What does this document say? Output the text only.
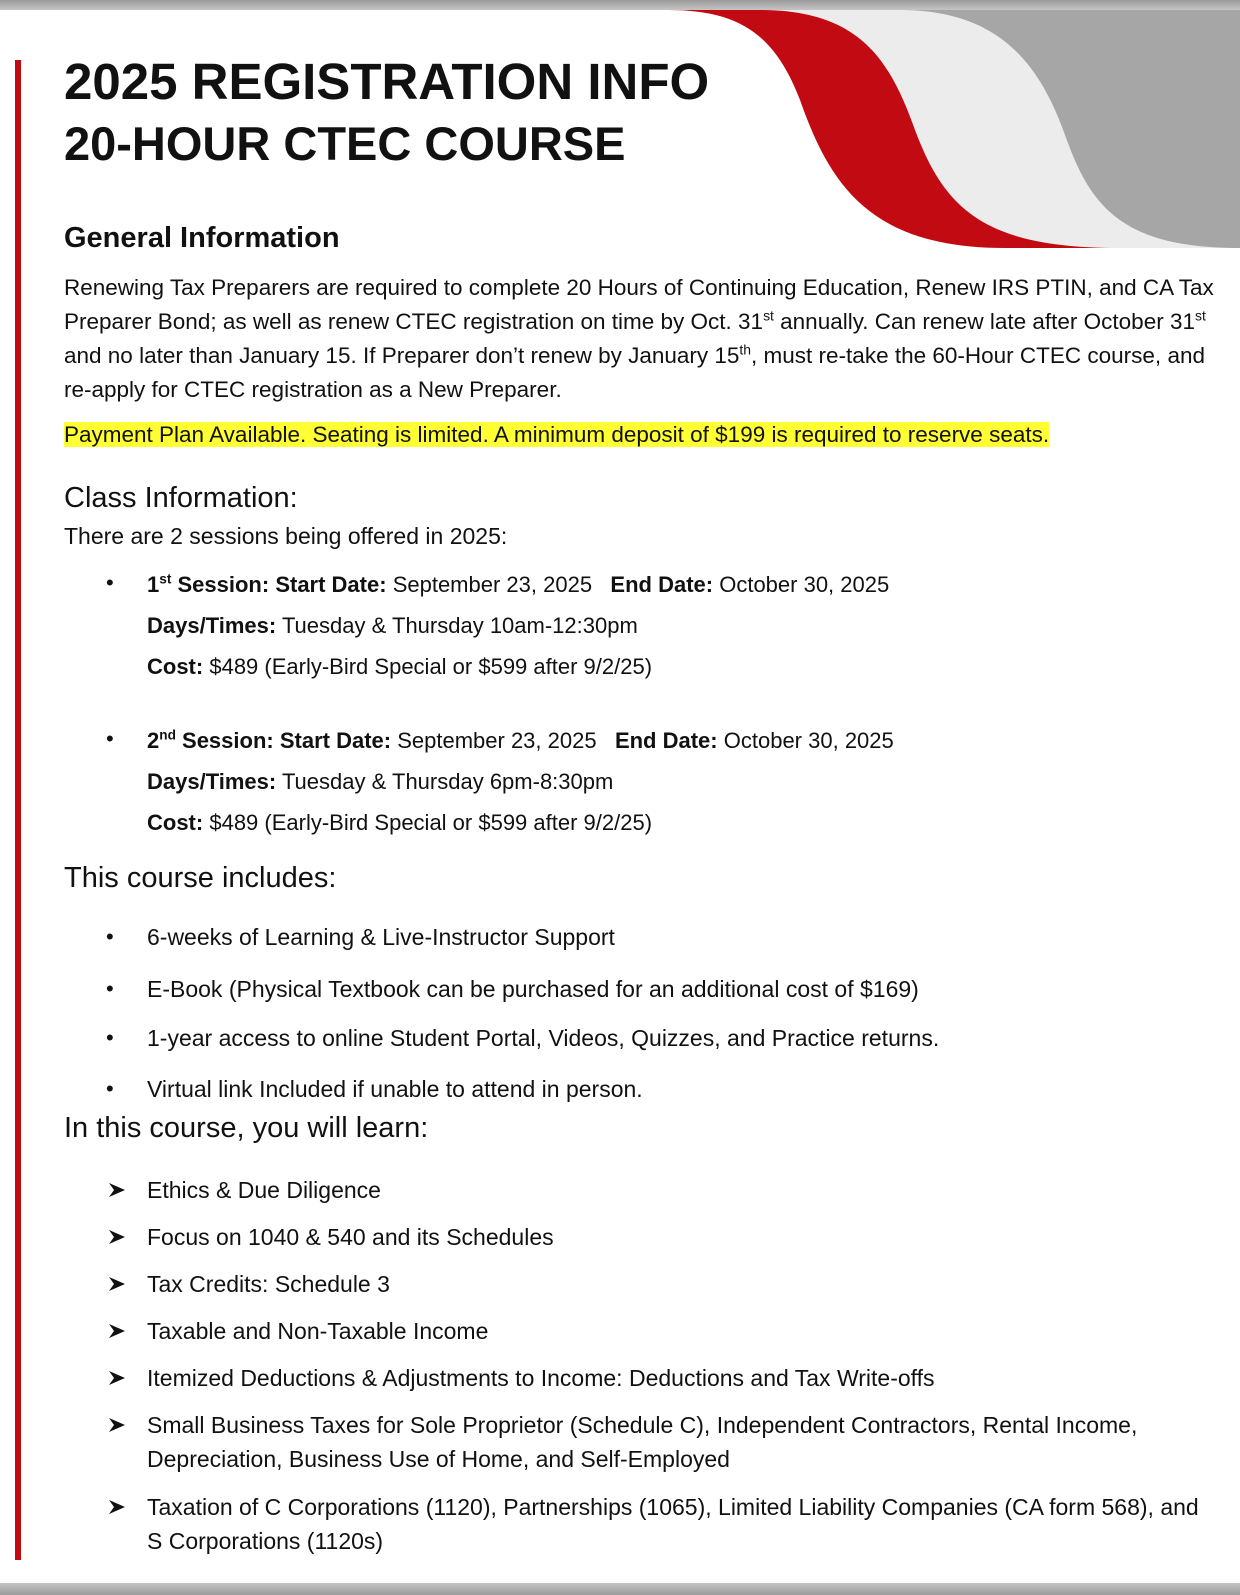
2025 REGISTRATION INFO
20-HOUR CTEC COURSE
General Information
Renewing Tax Preparers are required to complete 20 Hours of Continuing Education, Renew IRS PTIN, and CA Tax Preparer Bond; as well as renew CTEC registration on time by Oct. 31st annually. Can renew late after October 31st and no later than January 15. If Preparer don’t renew by January 15th, must re-take the 60-Hour CTEC course, and re-apply for CTEC registration as a New Preparer.
Payment Plan Available. Seating is limited. A minimum deposit of $199 is required to reserve seats.
Class Information:
There are 2 sessions being offered in 2025:
• 1st Session: Start Date: September 23, 2025 End Date: October 30, 2025
Days/Times: Tuesday & Thursday 10am-12:30pm
Cost: $489 (Early-Bird Special or $599 after 9/2/25)
• 2nd Session: Start Date: September 23, 2025 End Date: October 30, 2025
Days/Times: Tuesday & Thursday 6pm-8:30pm
Cost: $489 (Early-Bird Special or $599 after 9/2/25)
This course includes:
• 6-weeks of Learning & Live-Instructor Support
• E-Book (Physical Textbook can be purchased for an additional cost of $169)
• 1-year access to online Student Portal, Videos, Quizzes, and Practice returns.
• Virtual link Included if unable to attend in person.
In this course, you will learn:
Ethics & Due Diligence
Focus on 1040 & 540 and its Schedules
Tax Credits: Schedule 3
Taxable and Non-Taxable Income
Itemized Deductions & Adjustments to Income: Deductions and Tax Write-offs
Small Business Taxes for Sole Proprietor (Schedule C), Independent Contractors, Rental Income, Depreciation, Business Use of Home, and Self-Employed
Taxation of C Corporations (1120), Partnerships (1065), Limited Liability Companies (CA form 568), and S Corporations (1120s)
